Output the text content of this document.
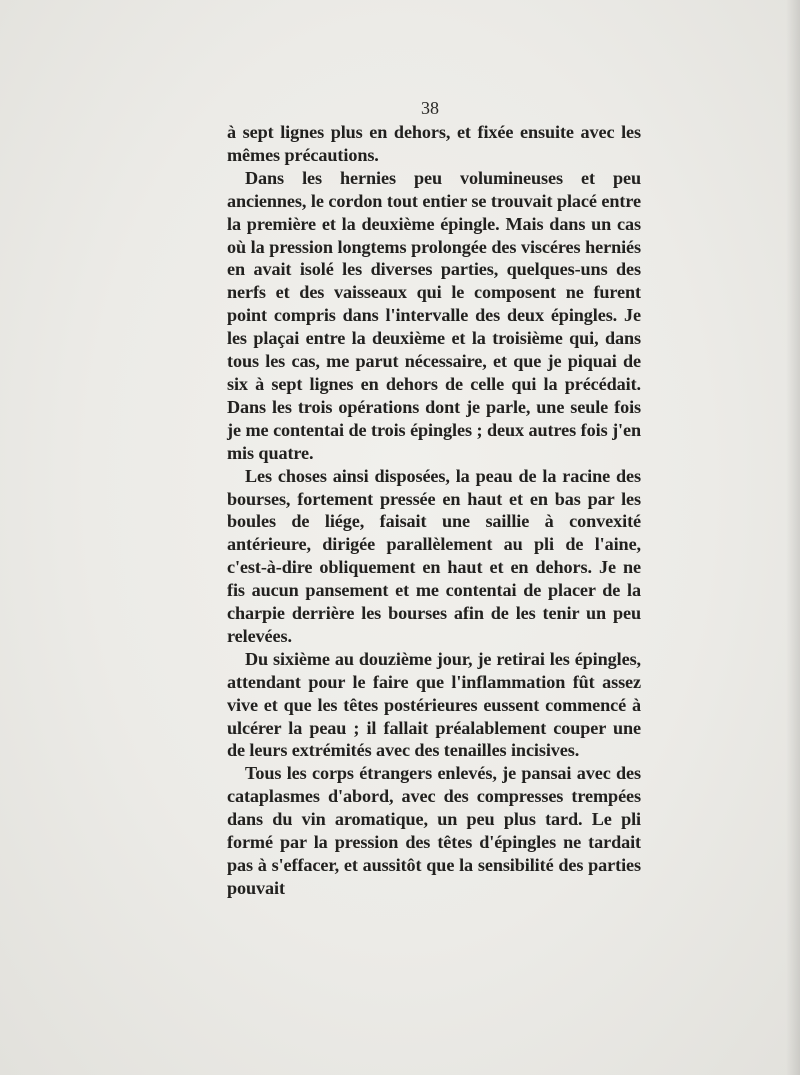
38

à sept lignes plus en dehors, et fixée ensuite avec les mêmes précautions.

Dans les hernies peu volumineuses et peu anciennes, le cordon tout entier se trouvait placé entre la première et la deuxième épingle. Mais dans un cas où la pression longtems prolongée des viscéres herniés en avait isolé les diverses parties, quelques-uns des nerfs et des vaisseaux qui le composent ne furent point compris dans l'intervalle des deux épingles. Je les plaçai entre la deuxième et la troisième qui, dans tous les cas, me parut nécessaire, et que je piquai de six à sept lignes en dehors de celle qui la précédait. Dans les trois opérations dont je parle, une seule fois je me contentai de trois épingles ; deux autres fois j'en mis quatre.

Les choses ainsi disposées, la peau de la racine des bourses, fortement pressée en haut et en bas par les boules de liége, faisait une saillie à convexité antérieure, dirigée parallèlement au pli de l'aine, c'est-à-dire obliquement en haut et en dehors. Je ne fis aucun pansement et me contentai de placer de la charpie derrière les bourses afin de les tenir un peu relevées.

Du sixième au douzième jour, je retirai les épingles, attendant pour le faire que l'inflammation fût assez vive et que les têtes postérieures eussent commencé à ulcérer la peau ; il fallait préalablement couper une de leurs extrémités avec des tenailles incisives.

Tous les corps étrangers enlevés, je pansai avec des cataplasmes d'abord, avec des compresses trempées dans du vin aromatique, un peu plus tard. Le pli formé par la pression des têtes d'épingles ne tardait pas à s'effacer, et aussitôt que la sensibilité des parties pouvait
